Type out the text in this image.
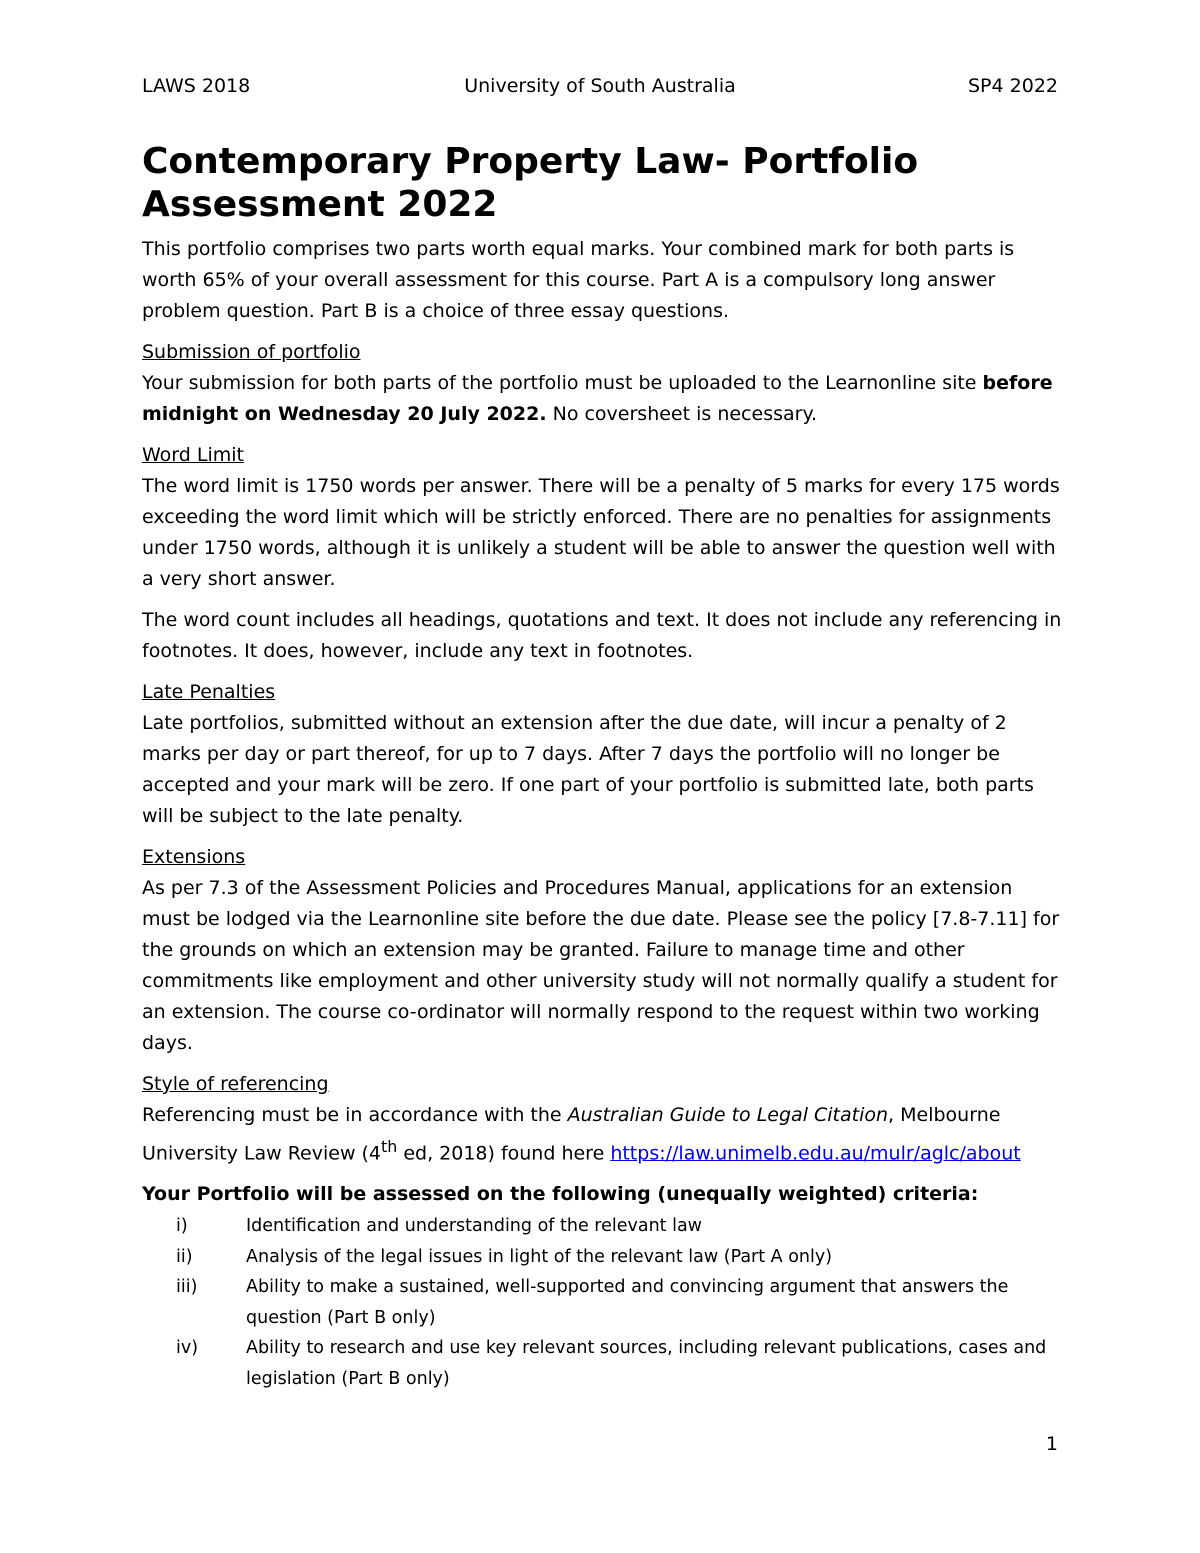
LAWS 2018	University of South Australia	SP4 2022
Contemporary Property Law- Portfolio Assessment 2022

This portfolio comprises two parts worth equal marks. Your combined mark for both parts is worth 65% of your overall assessment for this course. Part A is a compulsory long answer problem question. Part B is a choice of three essay questions.

Submission of portfolio
Your submission for both parts of the portfolio must be uploaded to the Learnonline site before midnight on Wednesday 20 July 2022. No coversheet is necessary.

Word Limit
The word limit is 1750 words per answer. There will be a penalty of 5 marks for every 175 words exceeding the word limit which will be strictly enforced. There are no penalties for assignments under 1750 words, although it is unlikely a student will be able to answer the question well with a very short answer.

The word count includes all headings, quotations and text. It does not include any referencing in footnotes. It does, however, include any text in footnotes.

Late Penalties
Late portfolios, submitted without an extension after the due date, will incur a penalty of 2 marks per day or part thereof, for up to 7 days. After 7 days the portfolio will no longer be accepted and your mark will be zero. If one part of your portfolio is submitted late, both parts will be subject to the late penalty.

Extensions
As per 7.3 of the Assessment Policies and Procedures Manual, applications for an extension must be lodged via the Learnonline site before the due date. Please see the policy [7.8-7.11] for the grounds on which an extension may be granted. Failure to manage time and other commitments like employment and other university study will not normally qualify a student for an extension. The course co-ordinator will normally respond to the request within two working days.

Style of referencing
Referencing must be in accordance with the Australian Guide to Legal Citation, Melbourne University Law Review (4th ed, 2018) found here https://law.unimelb.edu.au/mulr/aglc/about

Your Portfolio will be assessed on the following (unequally weighted) criteria:
i)	Identification and understanding of the relevant law
ii)	Analysis of the legal issues in light of the relevant law (Part A only)
iii)	Ability to make a sustained, well-supported and convincing argument that answers the question (Part B only)
iv)	Ability to research and use key relevant sources, including relevant publications, cases and legislation (Part B only)
1
